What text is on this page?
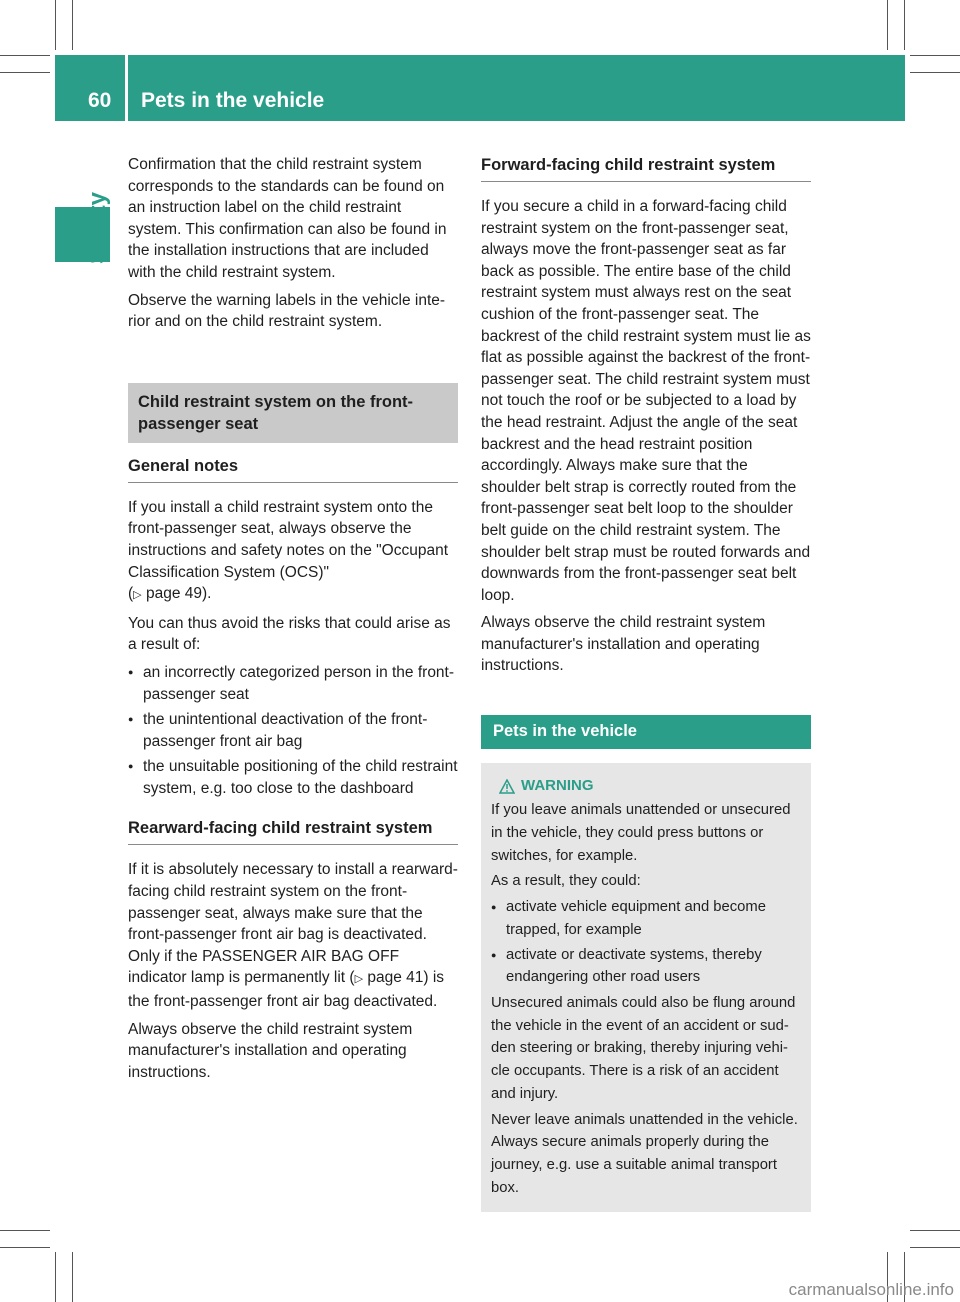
60 Pets in the vehicle
Safety

Confirmation that the child restraint system corresponds to the standards can be found on an instruction label on the child restraint system. This confirmation can also be found in the installation instructions that are included with the child restraint system.

Observe the warning labels in the vehicle interior and on the child restraint system.

Child restraint system on the front-passenger seat
General notes

If you install a child restraint system onto the front-passenger seat, always observe the instructions and safety notes on the "Occupant Classification System (OCS)"
(▷ page 49).

You can thus avoid the risks that could arise as a result of:

● an incorrectly categorized person in the front-passenger seat
● the unintentional deactivation of the front-passenger front air bag
● the unsuitable positioning of the child restraint system, e.g. too close to the dashboard
Rearward-facing child restraint system

If it is absolutely necessary to install a rearward-facing child restraint system on the front-passenger seat, always make sure that the front-passenger front air bag is deactivated. Only if the PASSENGER AIR BAG OFF indicator lamp is permanently lit (▷ page 41) is the front-passenger front air bag deactivated.

Always observe the child restraint system manufacturer's installation and operating instructions.

Forward-facing child restraint system

If you secure a child in a forward-facing child restraint system on the front-passenger seat, always move the front-passenger seat as far back as possible. The entire base of the child restraint system must always rest on the seat cushion of the front-passenger seat. The backrest of the child restraint system must lie as flat as possible against the backrest of the front-passenger seat. The child restraint system must not touch the roof or be subjected to a load by the head restraint. Adjust the angle of the seat backrest and the head restraint position accordingly. Always make sure that the shoulder belt strap is correctly routed from the front-passenger seat belt loop to the shoulder belt guide on the child restraint system. The shoulder belt strap must be routed forwards and downwards from the front-passenger seat belt loop.

Always observe the child restraint system manufacturer's installation and operating instructions.

Pets in the vehicle
WARNING

If you leave animals unattended or unsecured in the vehicle, they could press buttons or switches, for example.

As a result, they could:

● activate vehicle equipment and become trapped, for example
● activate or deactivate systems, thereby endangering other road users

Unsecured animals could also be flung around the vehicle in the event of an accident or sudden steering or braking, thereby injuring vehicle occupants. There is a risk of an accident and injury.

Never leave animals unattended in the vehicle. Always secure animals properly during the journey, e.g. use a suitable animal transport box.

carmanualsonline.info
